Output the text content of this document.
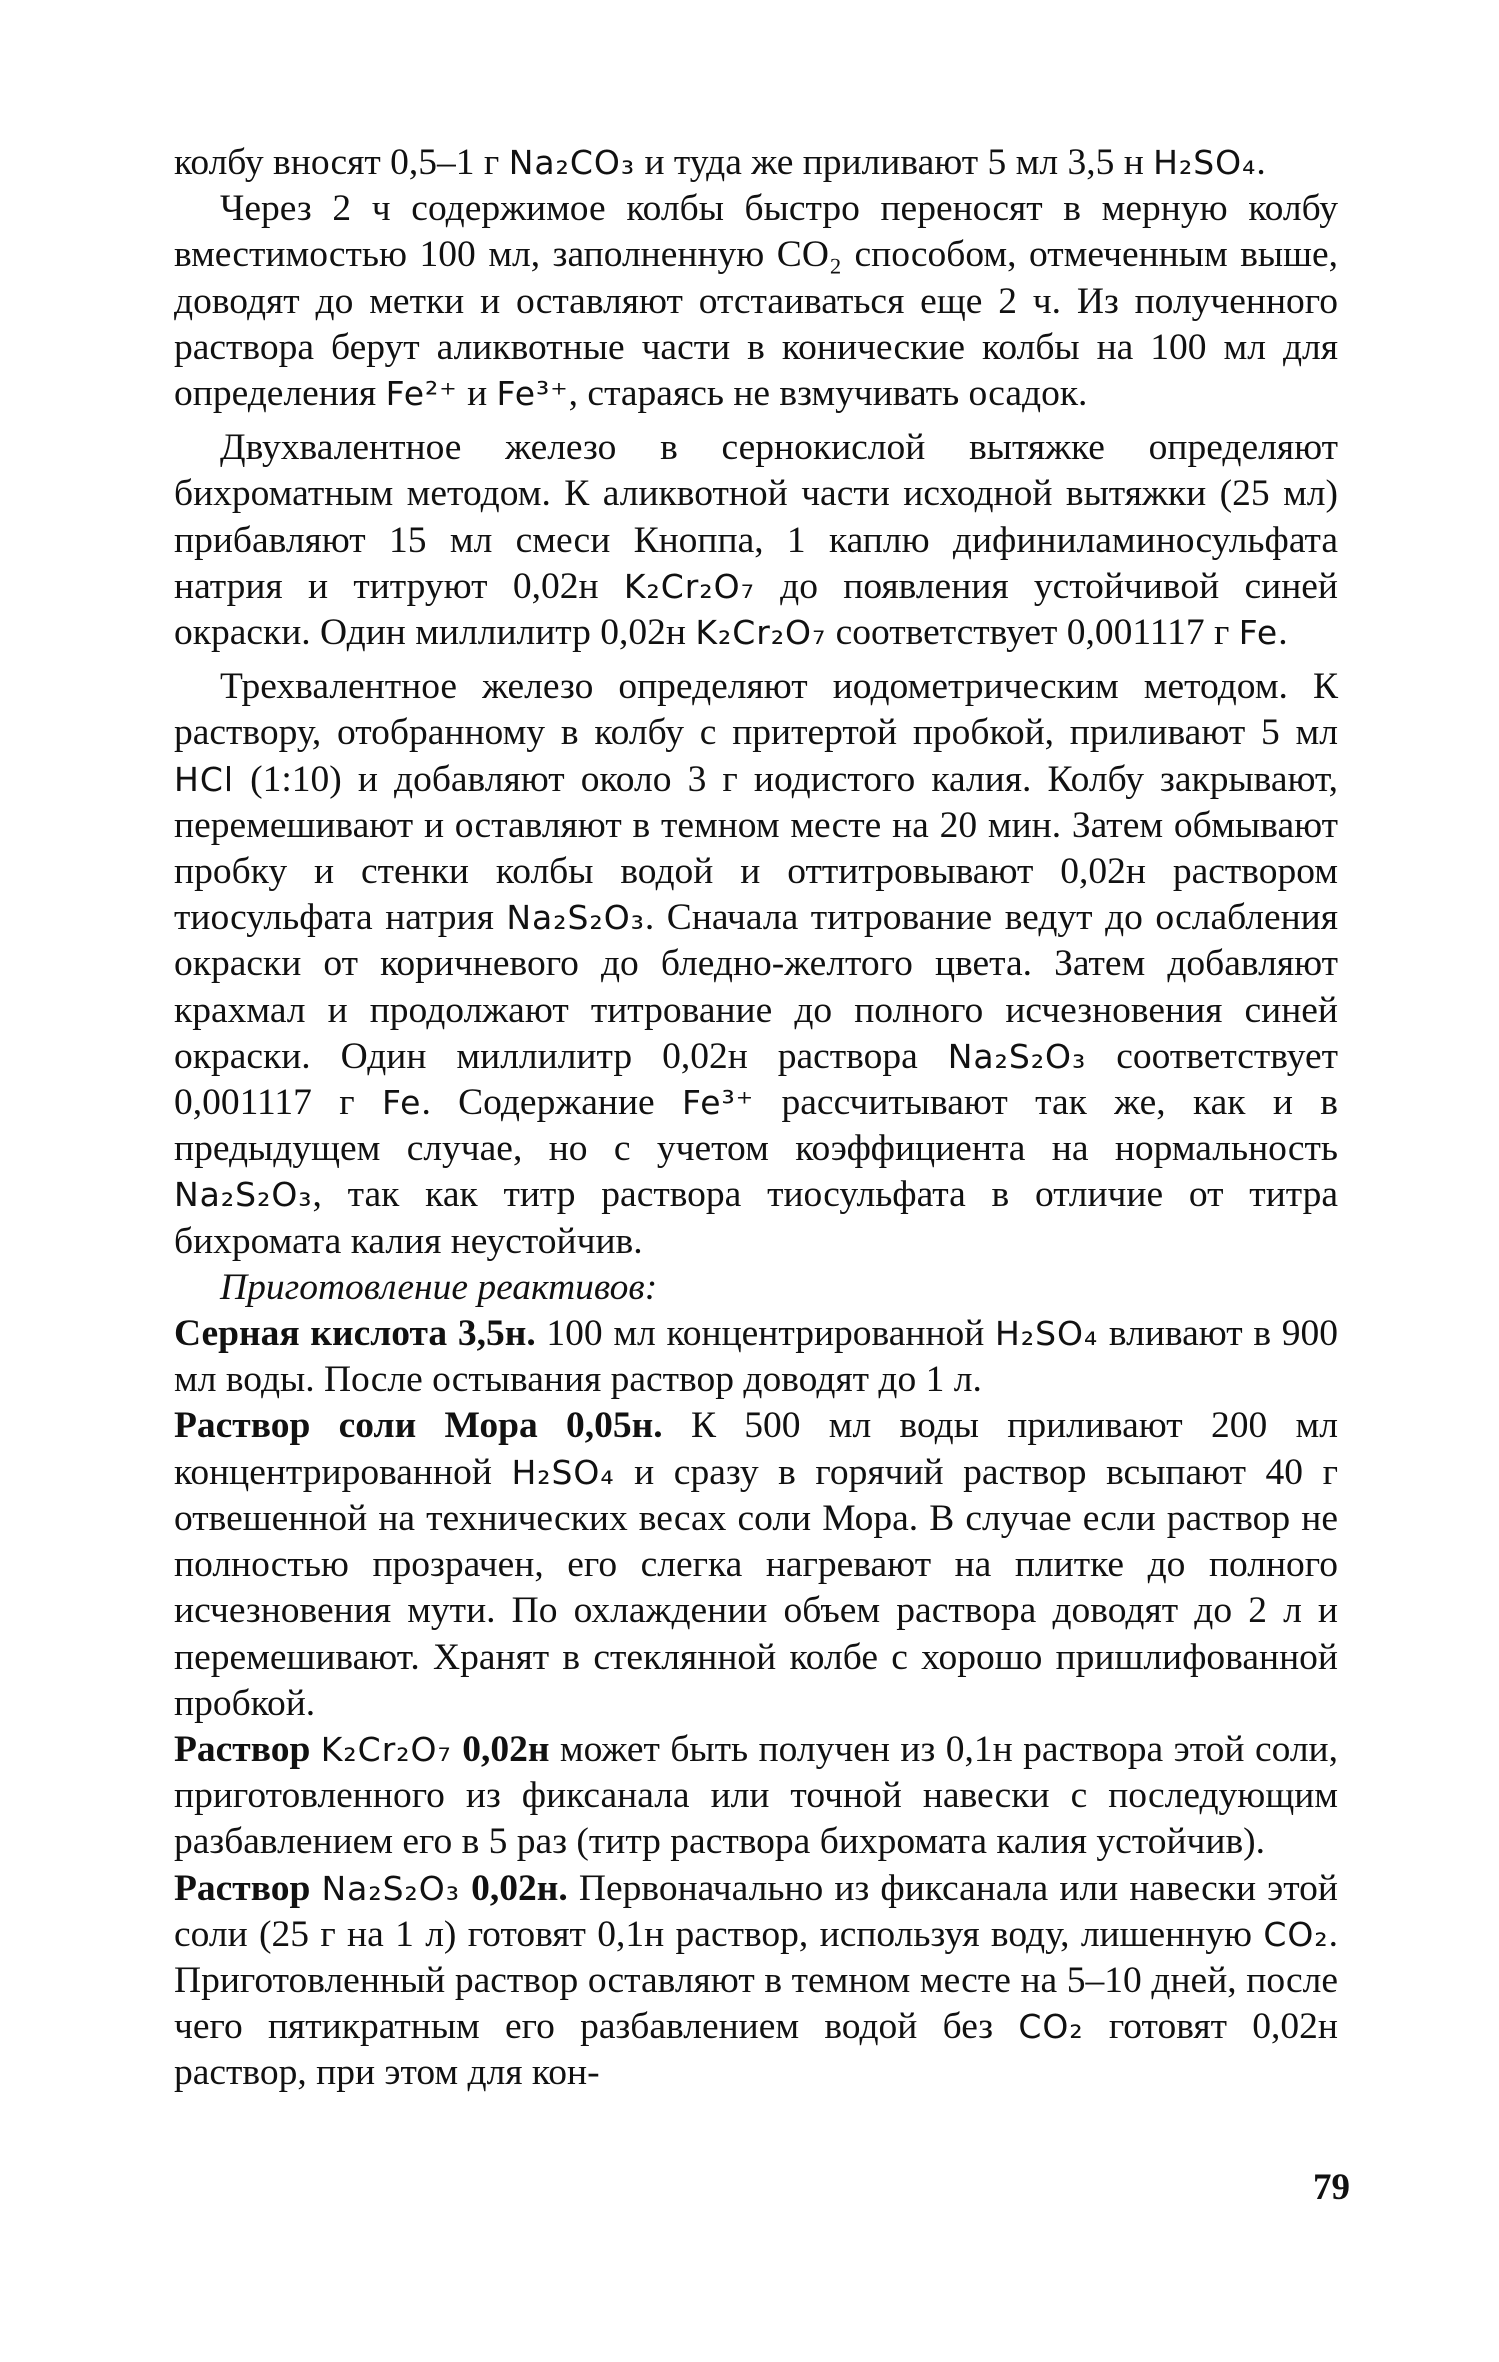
колбу вносят 0,5–1 г Na₂CO₃ и туда же приливают 5 мл 3,5 н H₂SO₄.

Через 2 ч содержимое колбы быстро переносят в мерную колбу вместимостью 100 мл, заполненную СО₂ способом, отмеченным выше, доводят до метки и оставляют отстаиваться еще 2 ч. Из полученного раствора берут аликвотные части в конические колбы на 100 мл для определения Fe²⁺ и Fe³⁺, стараясь не взмучивать осадок.

Двухвалентное железо в сернокислой вытяжке определяют бихроматным методом. К аликвотной части исходной вытяжки (25 мл) прибавляют 15 мл смеси Кноппа, 1 каплю дифиниламиносульфата натрия и титруют 0,02н K₂Cr₂O₇ до появления устойчивой синей окраски. Один миллилитр 0,02н K₂Cr₂O₇ соответствует 0,001117 г Fe.

Трехвалентное железо определяют иодометрическим методом. К раствору, отобранному в колбу с притертой пробкой, приливают 5 мл HCl (1:10) и добавляют около 3 г иодистого калия. Колбу закрывают, перемешивают и оставляют в темном месте на 20 мин. Затем обмывают пробку и стенки колбы водой и оттитровывают 0,02н раствором тиосульфата натрия Na₂S₂O₃. Сначала титрование ведут до ослабления окраски от коричневого до бледно-желтого цвета. Затем добавляют крахмал и продолжают титрование до полного исчезновения синей окраски. Один миллилитр 0,02н раствора Na₂S₂O₃ соответствует 0,001117 г Fe. Содержание Fe³⁺ рассчитывают так же, как и в предыдущем случае, но с учетом коэффициента на нормальность Na₂S₂O₃, так как титр раствора тиосульфата в отличие от титра бихромата калия неустойчив.

Приготовление реактивов:

Серная кислота 3,5н. 100 мл концентрированной H₂SO₄ вливают в 900 мл воды. После остывания раствор доводят до 1 л.

Раствор соли Мора 0,05н. К 500 мл воды приливают 200 мл концентрированной H₂SO₄ и сразу в горячий раствор всыпают 40 г отвешенной на технических весах соли Мора. В случае если раствор не полностью прозрачен, его слегка нагревают на плитке до полного исчезновения мути. По охлаждении объем раствора доводят до 2 л и перемешивают. Хранят в стеклянной колбе с хорошо пришлифованной пробкой.

Раствор K₂Cr₂O₇ 0,02н может быть получен из 0,1н раствора этой соли, приготовленного из фиксанала или точной навески с последующим разбавлением его в 5 раз (титр раствора бихромата калия устойчив).

Раствор Na₂S₂O₃ 0,02н. Первоначально из фиксанала или навески этой соли (25 г на 1 л) готовят 0,1н раствор, используя воду, лишенную CO₂. Приготовленный раствор оставляют в темном месте на 5–10 дней, после чего пятикратным его разбавлением водой без CO₂ готовят 0,02н раствор, при этом для кон-

79
